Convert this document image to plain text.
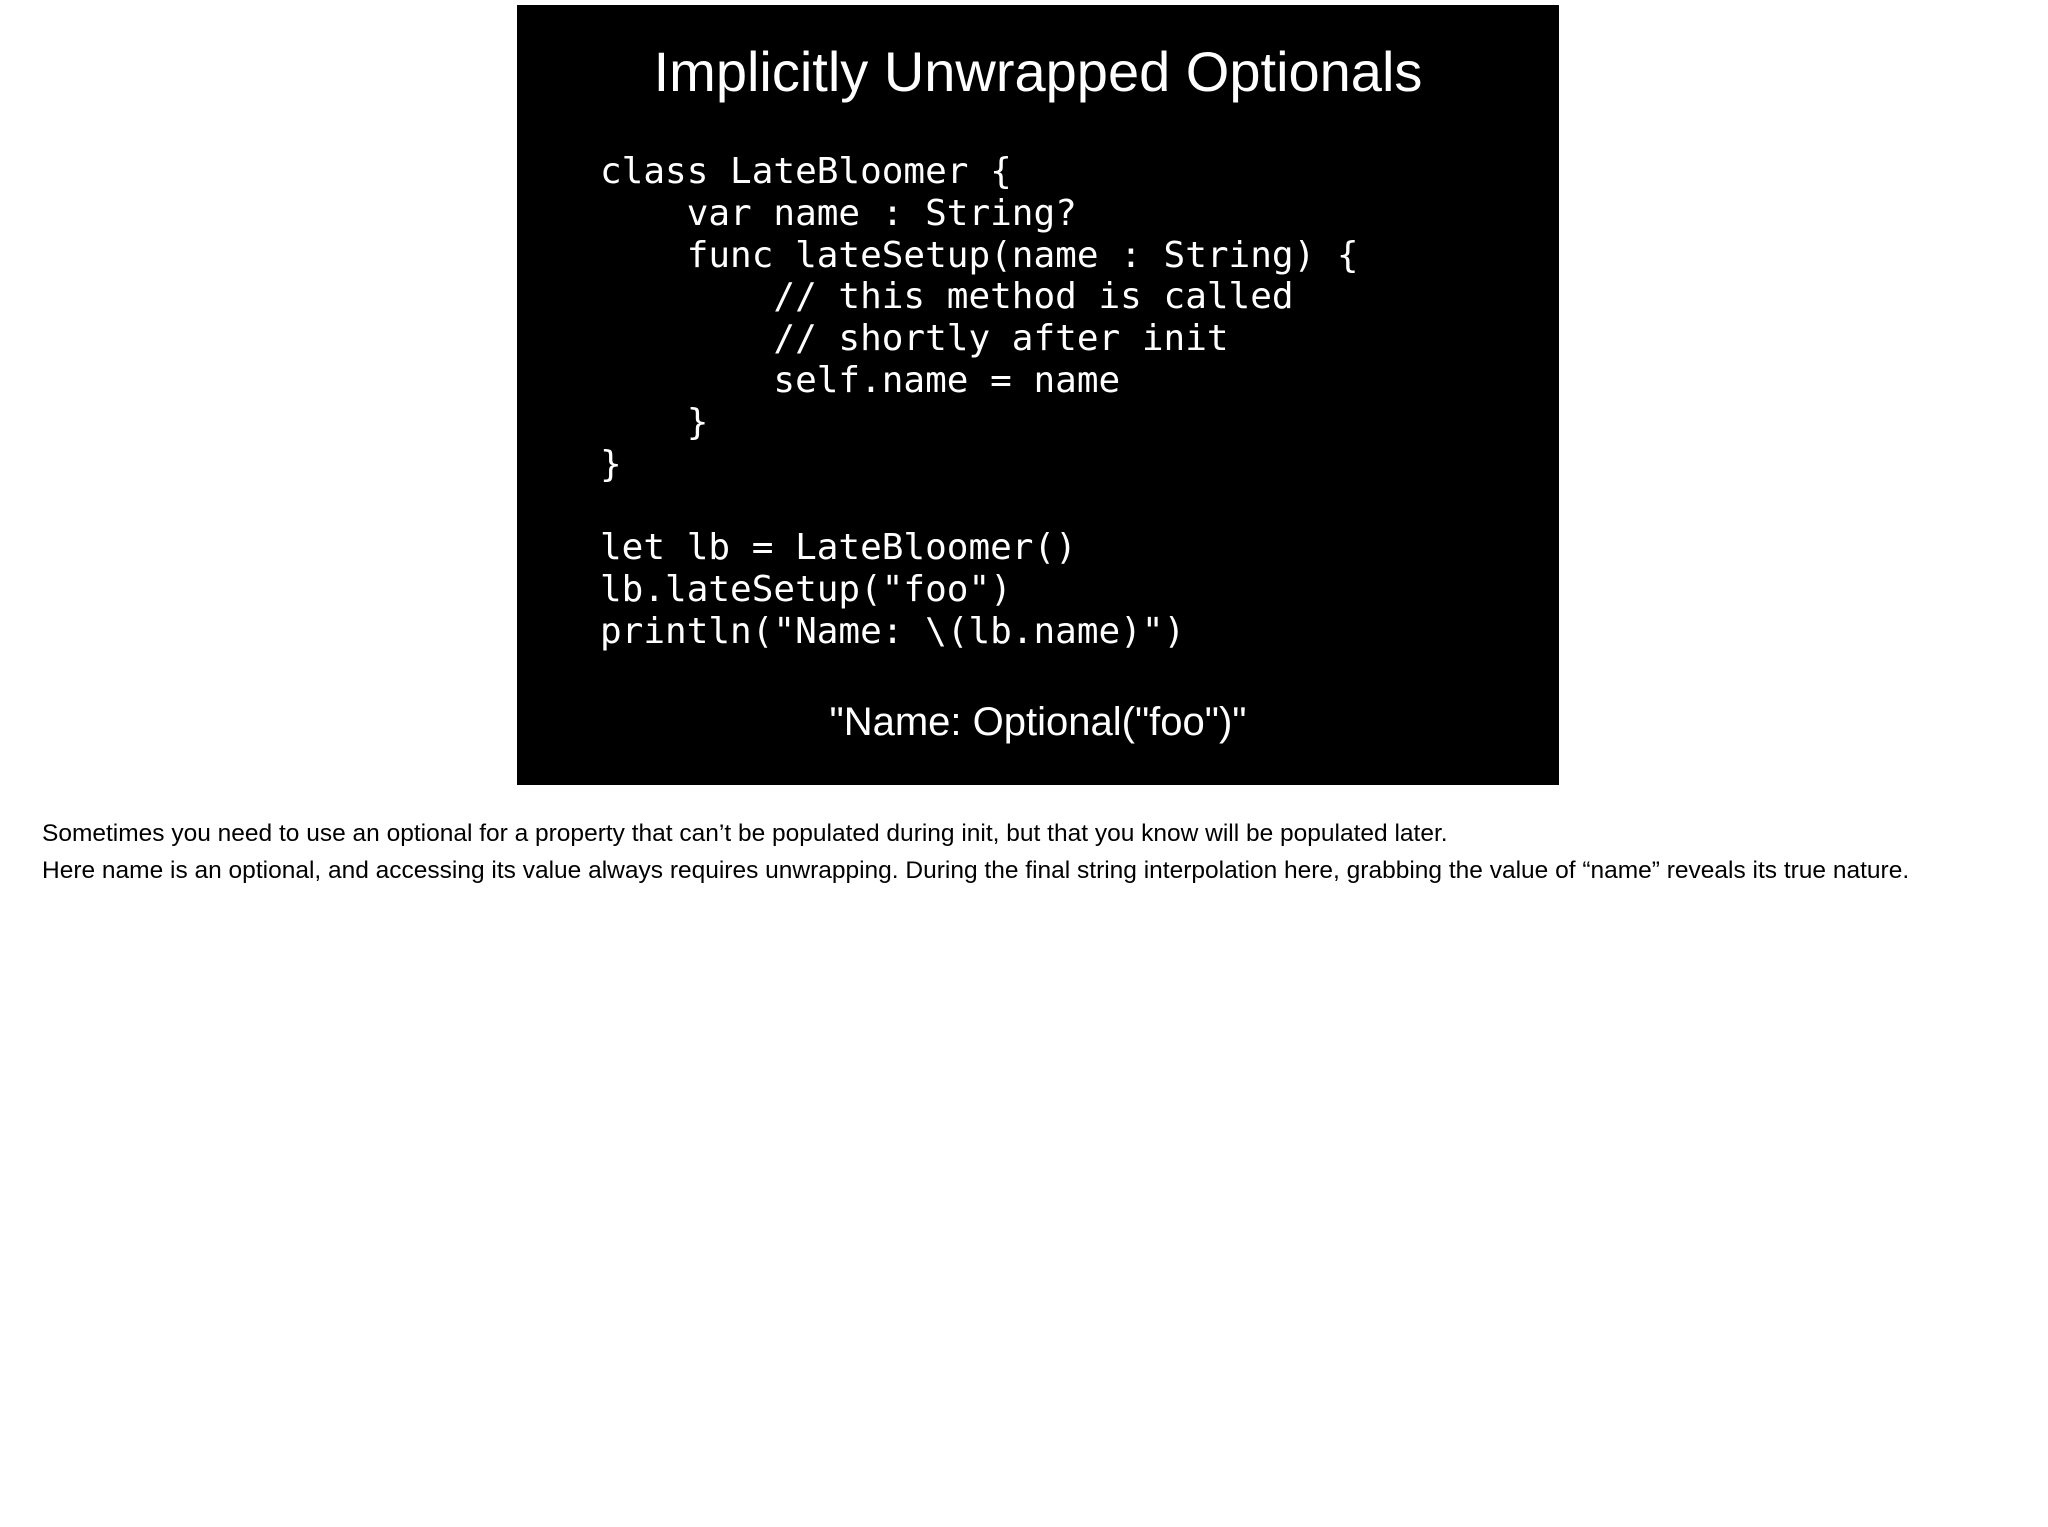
Implicitly Unwrapped Optionals
class LateBloomer {
var name : String?
func lateSetup(name : String) {
// this method is called
// shortly after init
self.name = name
}
}
let lb = LateBloomer()
lb.lateSetup("foo")
println("Name: \(lb.name)")
"Name: Optional("foo")"

Sometimes you need to use an optional for a property that can’t be populated during init, but that you know will be populated later.

Here name is an optional, and accessing its value always requires unwrapping. During the final string interpolation here, grabbing the value of “name” reveals its true nature.
